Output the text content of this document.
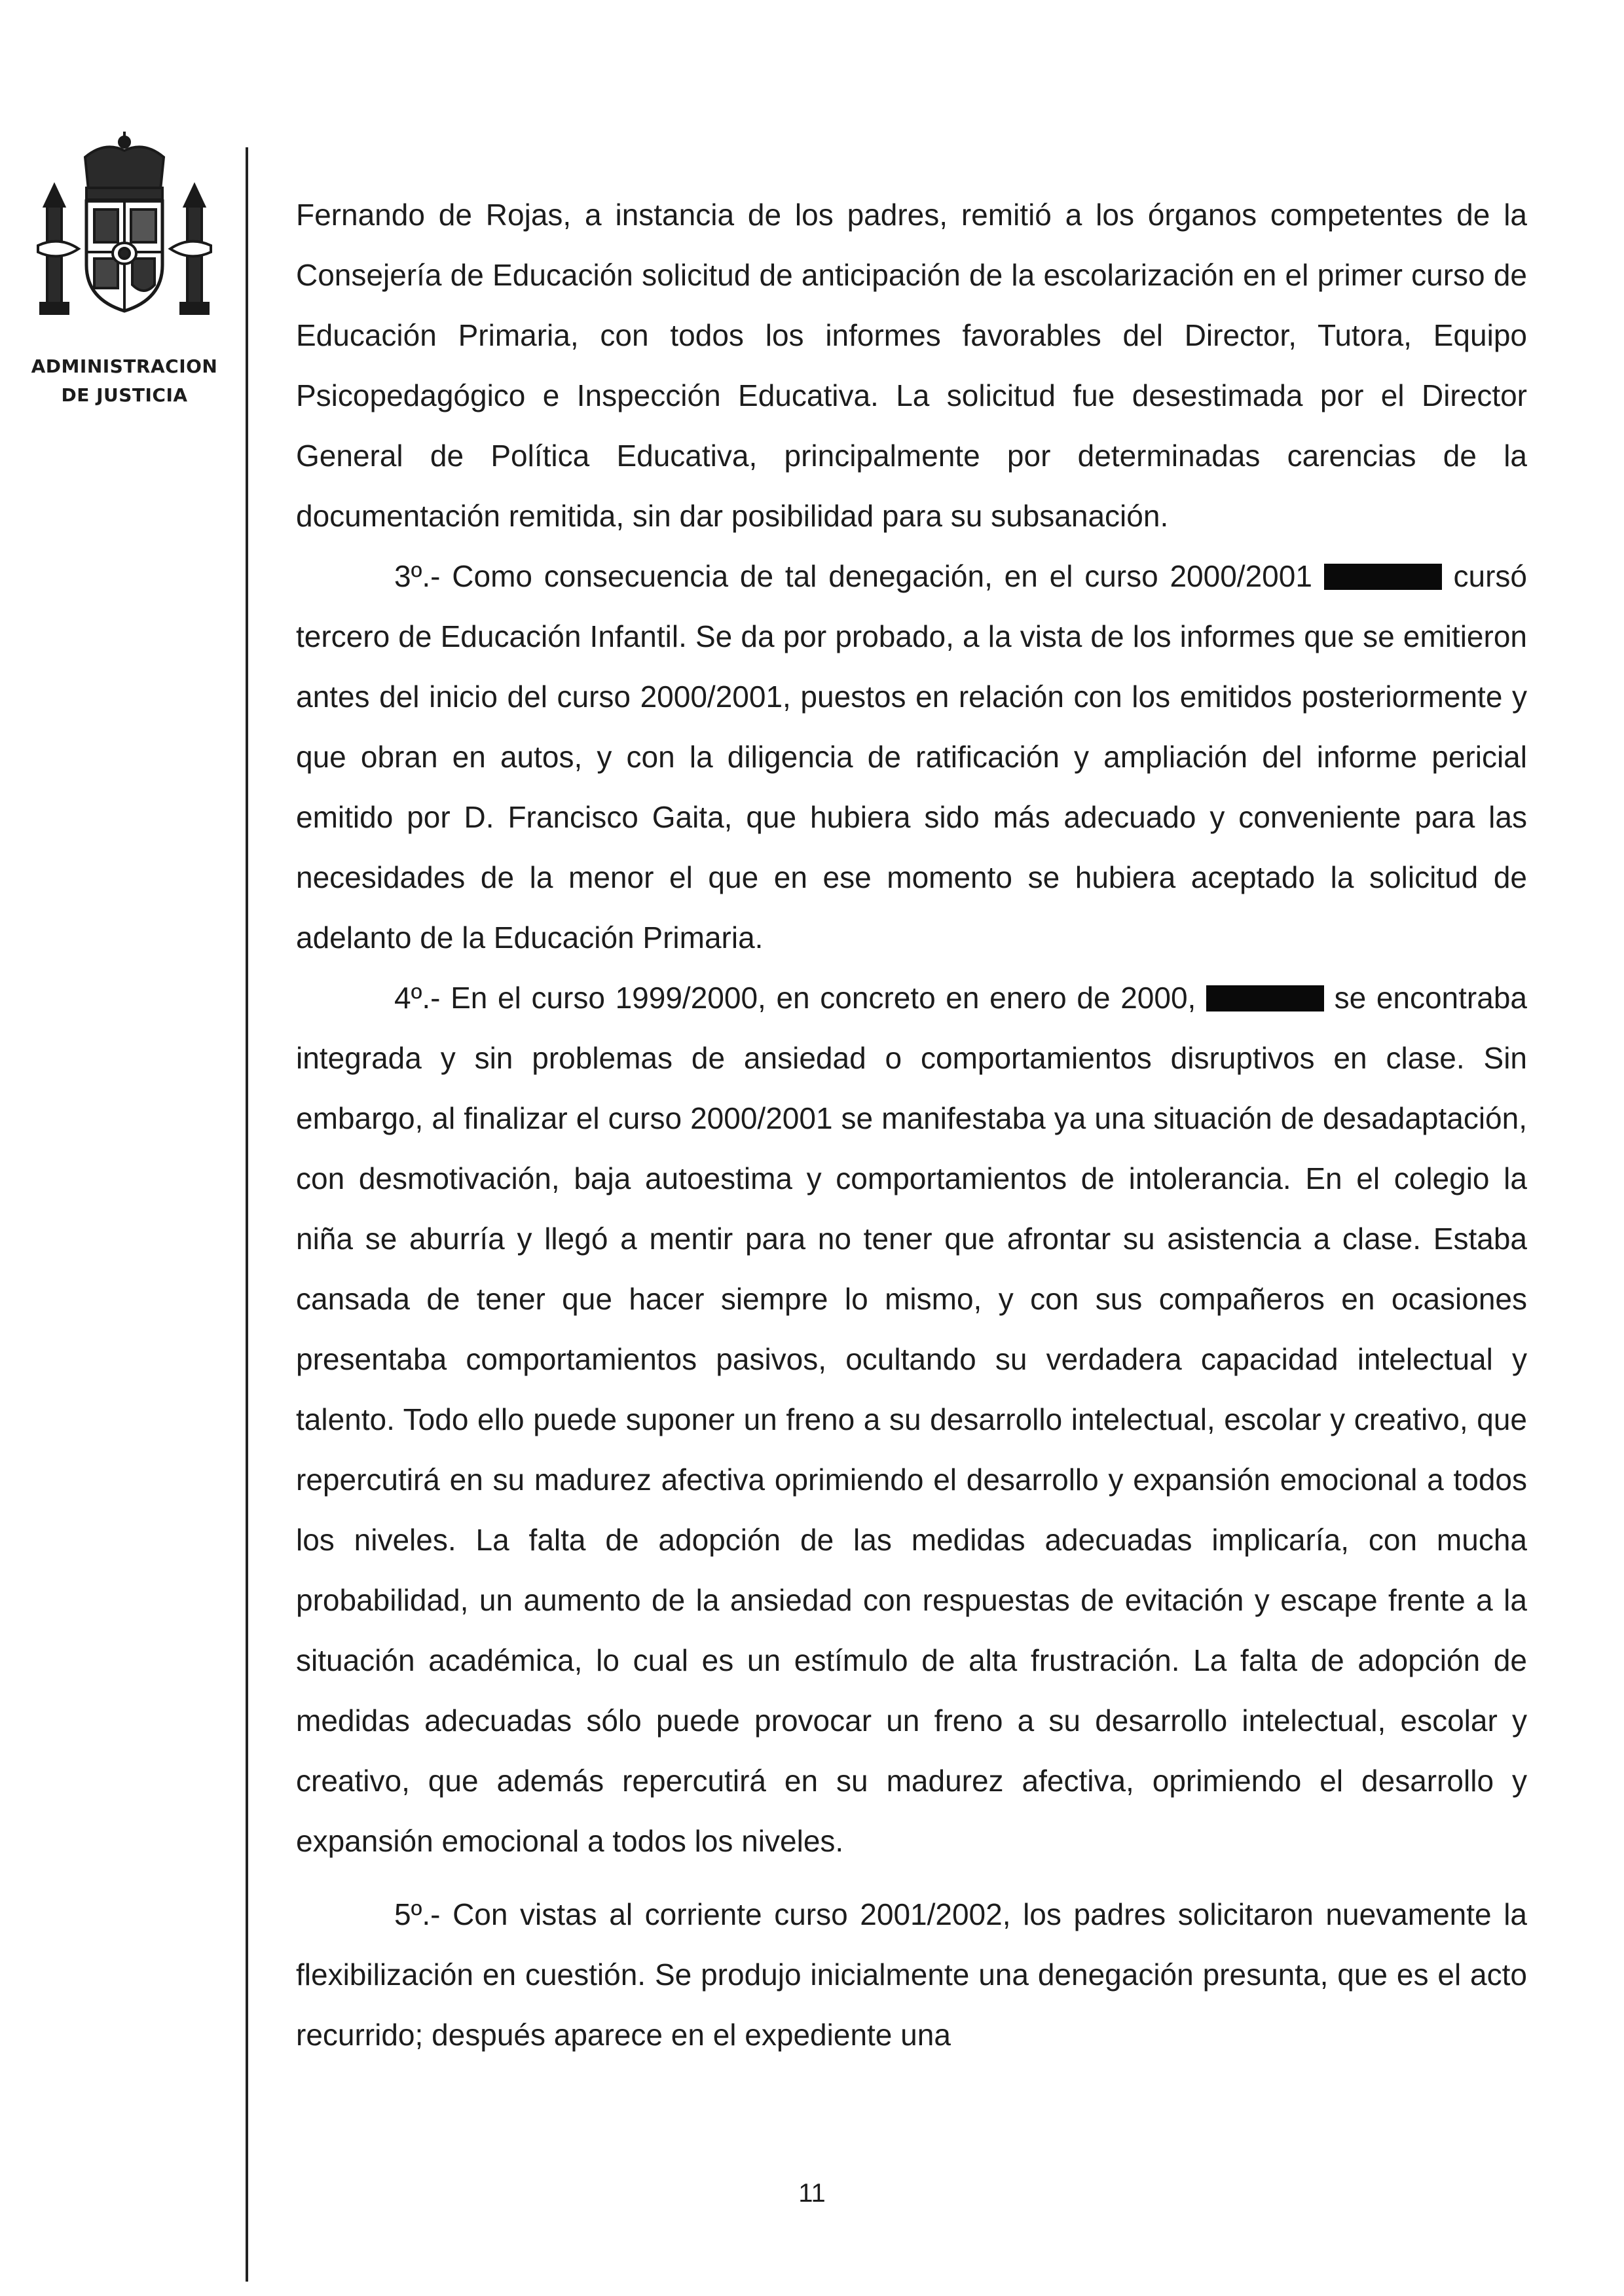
ADMINISTRACION
DE JUSTICIA

Fernando de Rojas, a instancia de los padres, remitió a los órganos competentes de la Consejería de Educación solicitud de anticipación de la escolarización en el primer curso de Educación Primaria, con todos los informes favorables del Director, Tutora, Equipo Psicopedagógico e Inspección Educativa. La solicitud fue desestimada por el Director General de Política Educativa, principalmente por determinadas carencias de la documentación remitida, sin dar posibilidad para su subsanación.

3º.- Como consecuencia de tal denegación, en el curso 2000/2001	cursó tercero de Educación Infantil. Se da por probado, a la vista de los informes que se emitieron antes del inicio del curso 2000/2001, puestos en relación con los emitidos posteriormente y que obran en autos, y con la diligencia de ratificación y ampliación del informe pericial emitido por D. Francisco Gaita, que hubiera sido más adecuado y conveniente para las necesidades de la menor el que en ese momento se hubiera aceptado la solicitud de adelanto de la Educación Primaria.

4º.- En el curso 1999/2000, en concreto en enero de 2000,	se encontraba integrada y sin problemas de ansiedad o comportamientos disruptivos en clase. Sin embargo, al finalizar el curso 2000/2001 se manifestaba ya una situación de desadaptación, con desmotivación, baja autoestima y comportamientos de intolerancia. En el colegio la niña se aburría y llegó a mentir para no tener que afrontar su asistencia a clase. Estaba cansada de tener que hacer siempre lo mismo, y con sus compañeros en ocasiones presentaba comportamientos pasivos, ocultando su verdadera capacidad intelectual y talento. Todo ello puede suponer un freno a su desarrollo intelectual, escolar y creativo, que repercutirá en su madurez afectiva oprimiendo el desarrollo y expansión emocional a todos los niveles. La falta de adopción de las medidas adecuadas implicaría, con mucha probabilidad, un aumento de la ansiedad con respuestas de evitación y escape frente a la situación académica, lo cual es un estímulo de alta frustración. La falta de adopción de medidas adecuadas sólo puede provocar un freno a su desarrollo intelectual, escolar y creativo, que además repercutirá en su madurez afectiva, oprimiendo el desarrollo y expansión emocional a todos los niveles.

5º.- Con vistas al corriente curso 2001/2002, los padres solicitaron nuevamente la flexibilización en cuestión. Se produjo inicialmente una denegación presunta, que es el acto recurrido; después aparece en el expediente una

11
